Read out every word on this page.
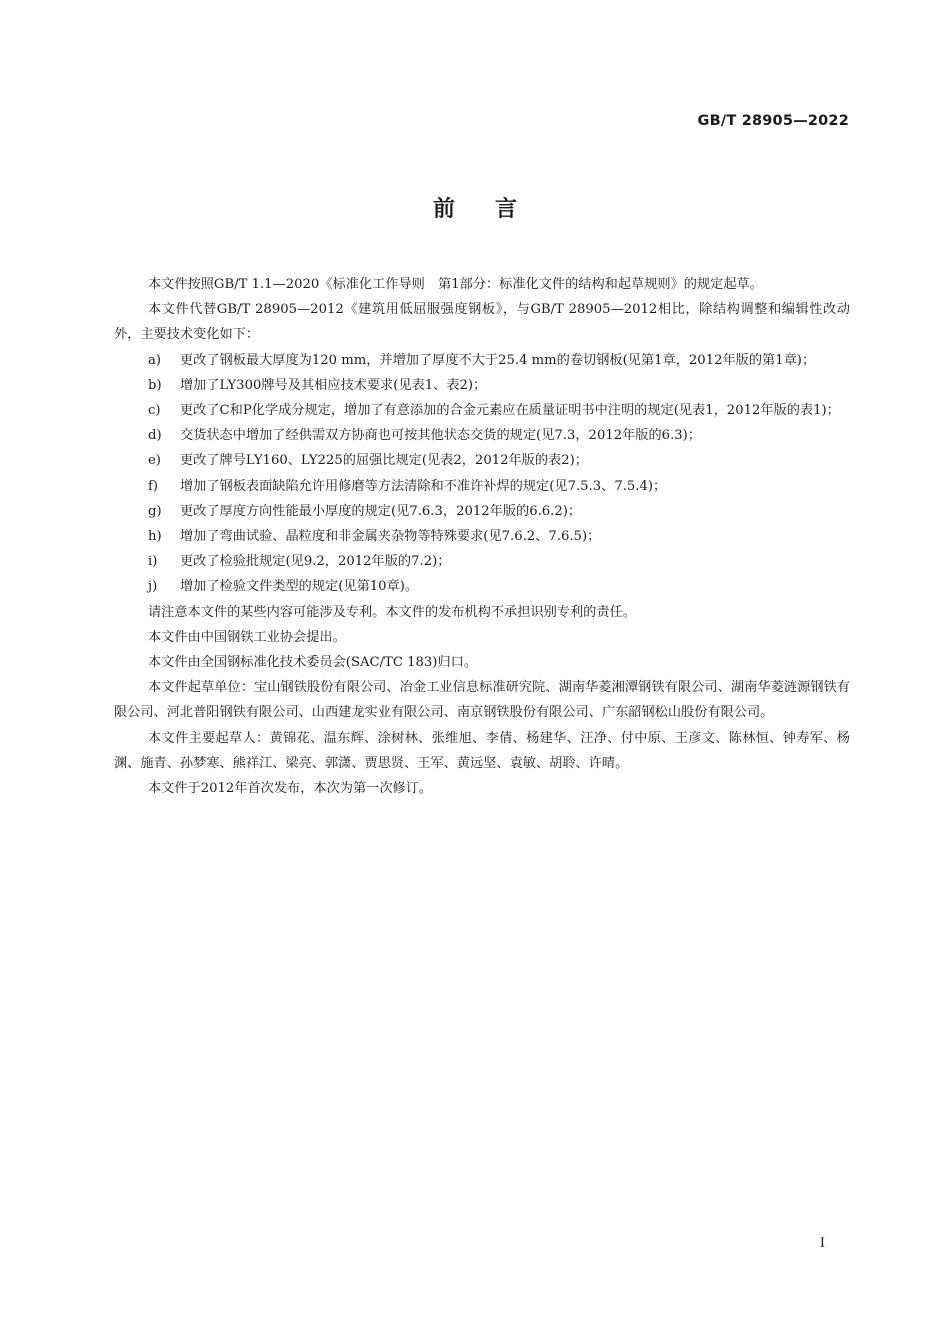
GB/T 28905—2022
前言

本文件按照GB/T 1.1—2020《标准化工作导则　第1部分：标准化文件的结构和起草规则》的规定起草。

本文件代替GB/T 28905—2012《建筑用低屈服强度钢板》，与GB/T 28905—2012相比，除结构调整和编辑性改动外，主要技术变化如下：

a) 更改了钢板最大厚度为120 mm，并增加了厚度不大于25.4 mm的卷切钢板(见第1章，2012年版的第1章)；

b) 增加了LY300牌号及其相应技术要求(见表1、表2)；

c) 更改了C和P化学成分规定，增加了有意添加的合金元素应在质量证明书中注明的规定(见表1，2012年版的表1)；

d) 交货状态中增加了经供需双方协商也可按其他状态交货的规定(见7.3，2012年版的6.3)；

e) 更改了牌号LY160、LY225的屈强比规定(见表2，2012年版的表2)；

f) 增加了钢板表面缺陷允许用修磨等方法清除和不准许补焊的规定(见7.5.3、7.5.4)；

g) 更改了厚度方向性能最小厚度的规定(见7.6.3，2012年版的6.6.2)；

h) 增加了弯曲试验、晶粒度和非金属夹杂物等特殊要求(见7.6.2、7.6.5)；

i) 更改了检验批规定(见9.2，2012年版的7.2)；

j) 增加了检验文件类型的规定(见第10章)。

请注意本文件的某些内容可能涉及专利。本文件的发布机构不承担识别专利的责任。

本文件由中国钢铁工业协会提出。

本文件由全国钢标准化技术委员会(SAC/TC 183)归口。

本文件起草单位：宝山钢铁股份有限公司、冶金工业信息标准研究院、湖南华菱湘潭钢铁有限公司、湖南华菱涟源钢铁有限公司、河北普阳钢铁有限公司、山西建龙实业有限公司、南京钢铁股份有限公司、广东韶钢松山股份有限公司。

本文件主要起草人：黄锦花、温东辉、涂树林、张维旭、李倩、杨建华、汪净、付中原、王彦文、陈林恒、钟寿军、杨渊、施青、孙梦寒、熊祥江、梁亮、郭潇、贾思贤、王军、黄远坚、袁敏、胡聆、许晴。

本文件于2012年首次发布，本次为第一次修订。

I
